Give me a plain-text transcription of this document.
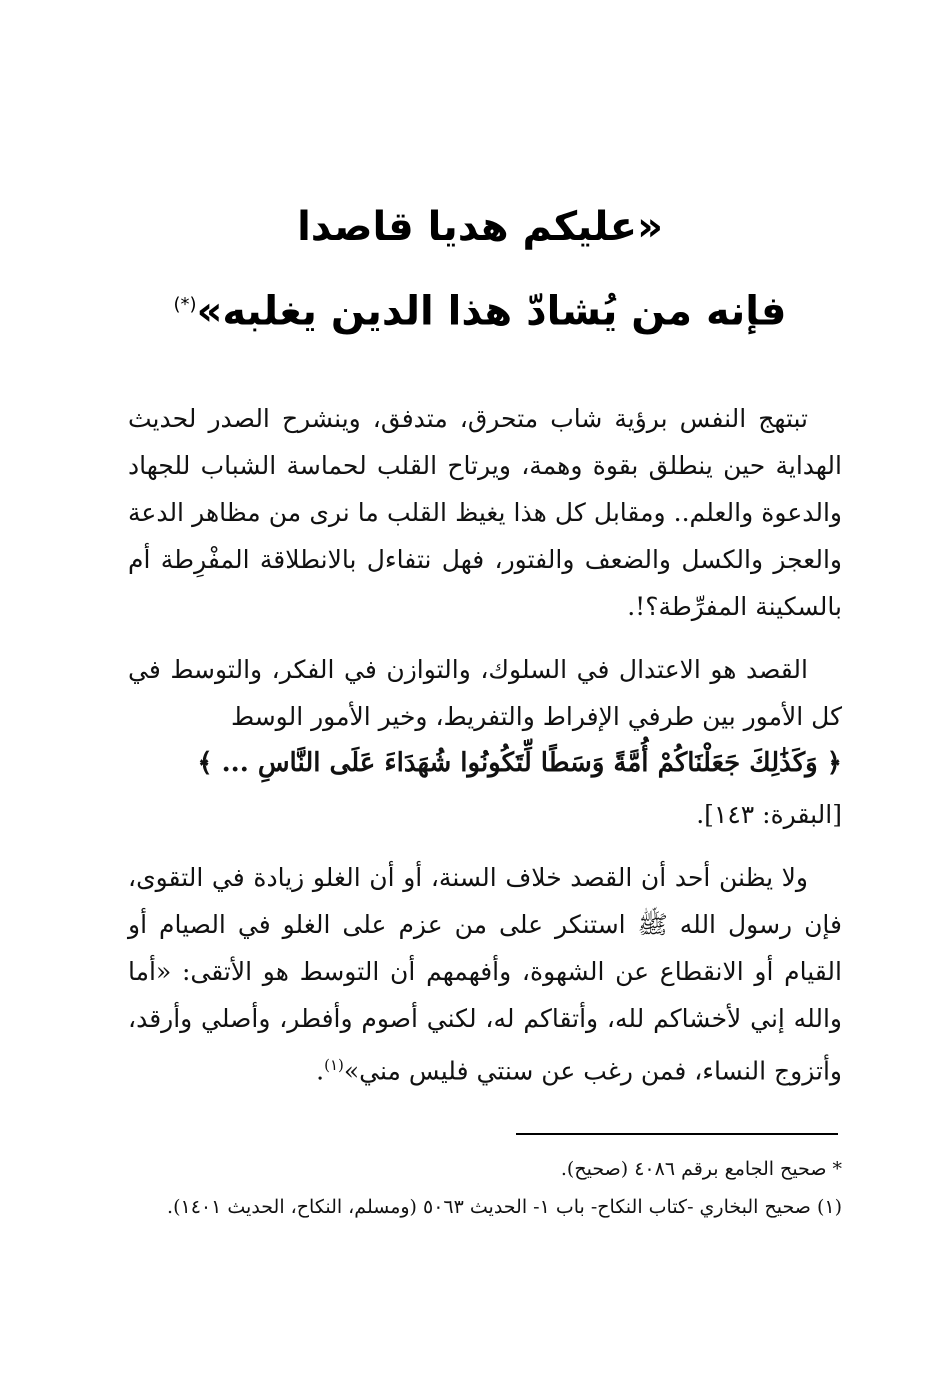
«عليكم هديا قاصدا
فإنه من يُشادّ هذا الدين يغلبه»(*)

تبتهج النفس برؤية شاب متحرق، متدفق، وينشرح الصدر لحديث الهداية حين ينطلق بقوة وهمة، ويرتاح القلب لحماسة الشباب للجهاد والدعوة والعلم.. ومقابل كل هذا يغيظ القلب ما نرى من مظاهر الدعة والعجز والكسل والضعف والفتور، فهل نتفاءل بالانطلاقة المفْرِطة أم بالسكينة المفرِّطة؟!.

القصد هو الاعتدال في السلوك، والتوازن في الفكر، والتوسط في كل الأمور بين طرفي الإفراط والتفريط، وخير الأمور الوسط

﴿ وَكَذَٰلِكَ جَعَلْنَاكُمْ أُمَّةً وَسَطًا لِّتَكُونُوا شُهَدَاءَ عَلَى النَّاسِ ... ﴾

[البقرة: ١٤٣].

ولا يظنن أحد أن القصد خلاف السنة، أو أن الغلو زيادة في التقوى، فإن رسول الله ﷺ استنكر على من عزم على الغلو في الصيام أو القيام أو الانقطاع عن الشهوة، وأفهمهم أن التوسط هو الأتقى: «أما والله إني لأخشاكم لله، وأتقاكم له، لكني أصوم وأفطر، وأصلي وأرقد، وأتزوج النساء، فمن رغب عن سنتي فليس مني»$^{(١)}$.

* صحيح الجامع برقم ٤٠٨٦ (صحيح).
(١) صحيح البخاري -كتاب النكاح- باب ١- الحديث ٥٠٦٣ (ومسلم، النكاح، الحديث ١٤٠١).
